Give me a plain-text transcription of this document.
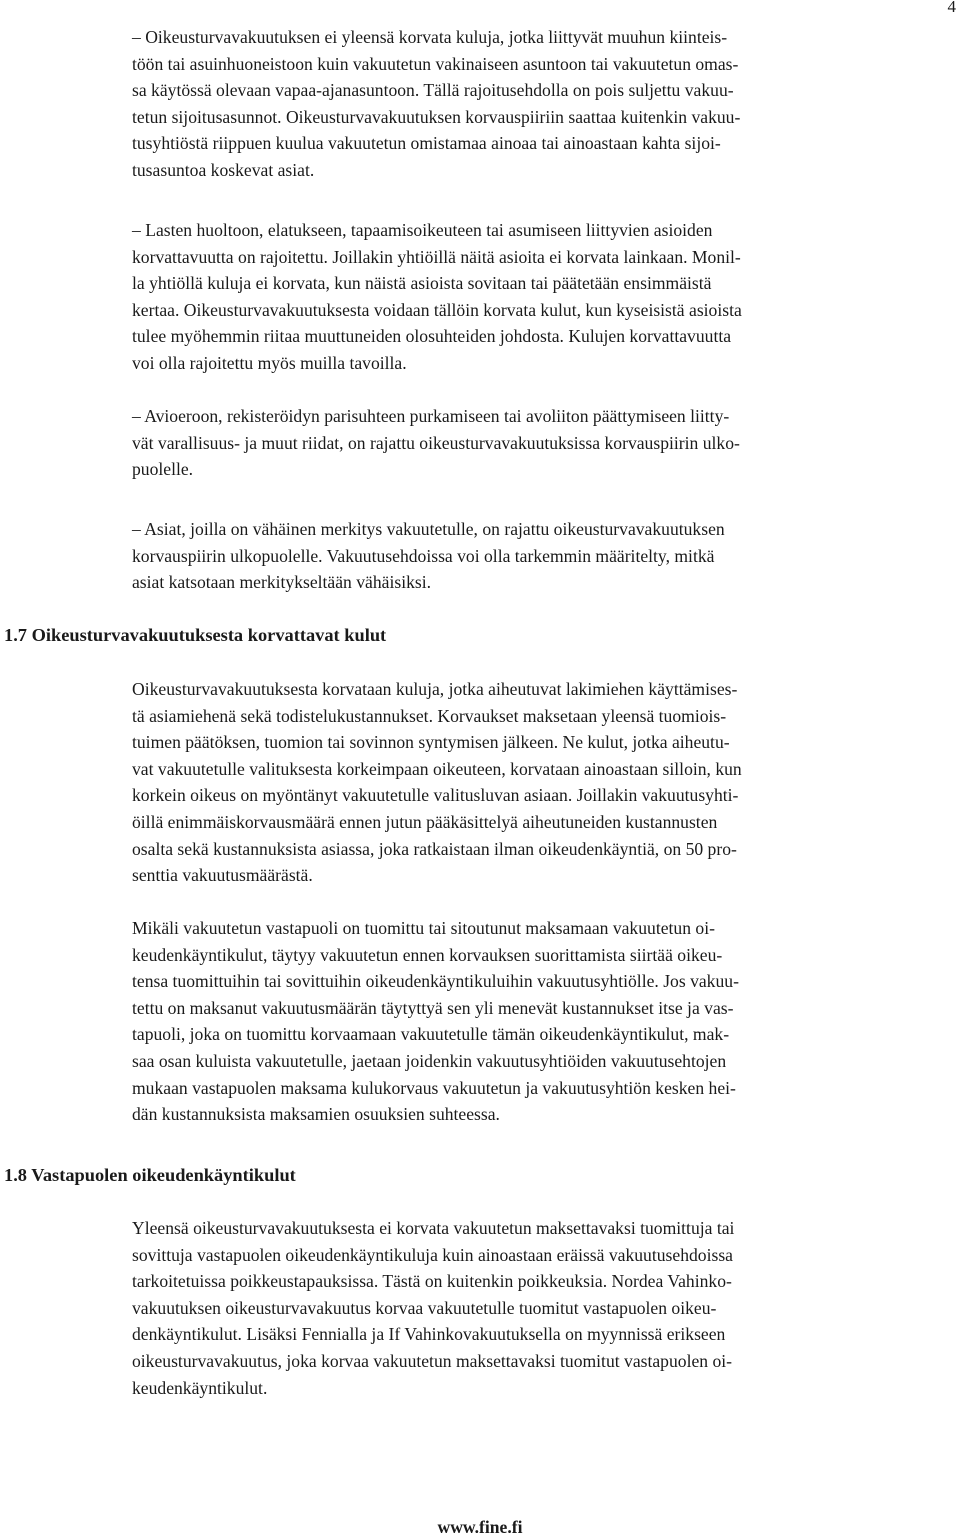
4

– Oikeusturvavakuutuksen ei yleensä korvata kuluja, jotka liittyvät muuhun kiinteis-
töön tai asuinhuoneistoon kuin vakuutetun vakinaiseen asuntoon tai vakuutetun omas-
sa käytössä olevaan vapaa-ajanasuntoon. Tällä rajoitusehdolla on pois suljettu vakuu-
tetun sijoitusasunnot. Oikeusturvavakuutuksen korvauspiiriin saattaa kuitenkin vakuu-
tusyhtiöstä riippuen kuulua vakuutetun omistamaa ainoaa tai ainoastaan kahta sijoi-
tusasuntoa koskevat asiat.

– Lasten huoltoon, elatukseen, tapaamisoikeuteen tai asumiseen liittyvien asioiden
korvattavuutta on rajoitettu. Joillakin yhtiöillä näitä asioita ei korvata lainkaan. Monil-
la yhtiöllä kuluja ei korvata, kun näistä asioista sovitaan tai päätetään ensimmäistä
kertaa. Oikeusturvavakuutuksesta voidaan tällöin korvata kulut, kun kyseisistä asioista
tulee myöhemmin riitaa muuttuneiden olosuhteiden johdosta. Kulujen korvattavuutta
voi olla rajoitettu myös muilla tavoilla.

– Avioeroon, rekisteröidyn parisuhteen purkamiseen tai avoliiton päättymiseen liitty-
vät varallisuus- ja muut riidat, on rajattu oikeusturvavakuutuksissa korvauspiirin ulko-
puolelle.

– Asiat, joilla on vähäinen merkitys vakuutetulle, on rajattu oikeusturvavakuutuksen
korvauspiirin ulkopuolelle. Vakuutusehdoissa voi olla tarkemmin määritelty, mitkä
asiat katsotaan merkitykseltään vähäisiksi.

1.7 Oikeusturvavakuutuksesta korvattavat kulut

Oikeusturvavakuutuksesta korvataan kuluja, jotka aiheutuvat lakimiehen käyttämises-
tä asiamiehenä sekä todistelukustannukset. Korvaukset maksetaan yleensä tuomiois-
tuimen päätöksen, tuomion tai sovinnon syntymisen jälkeen. Ne kulut, jotka aiheutu-
vat vakuutetulle valituksesta korkeimpaan oikeuteen, korvataan ainoastaan silloin, kun
korkein oikeus on myöntänyt vakuutetulle valitusluvan asiaan. Joillakin vakuutusyhti-
öillä enimmäiskorvausmäärä ennen jutun pääkäsittelyä aiheutuneiden kustannusten
osalta sekä kustannuksista asiassa, joka ratkaistaan ilman oikeudenkäyntiä, on 50 pro-
senttia vakuutusmäärästä.

Mikäli vakuutetun vastapuoli on tuomittu tai sitoutunut maksamaan vakuutetun oi-
keudenkäyntikulut, täytyy vakuutetun ennen korvauksen suorittamista siirtää oikeu-
tensa tuomittuihin tai sovittuihin oikeudenkäyntikuluihin vakuutusyhtiölle. Jos vakuu-
tettu on maksanut vakuutusmäärän täytyttyä sen yli menevät kustannukset itse ja vas-
tapuoli, joka on tuomittu korvaamaan vakuutetulle tämän oikeudenkäyntikulut, mak-
saa osan kuluista vakuutetulle, jaetaan joidenkin vakuutusyhtiöiden vakuutusehtojen
mukaan vastapuolen maksama kulukorvaus vakuutetun ja vakuutusyhtiön kesken hei-
dän kustannuksista maksamien osuuksien suhteessa.

1.8 Vastapuolen oikeudenkäyntikulut

Yleensä oikeusturvavakuutuksesta ei korvata vakuutetun maksettavaksi tuomittuja tai
sovittuja vastapuolen oikeudenkäyntikuluja kuin ainoastaan eräissä vakuutusehdoissa
tarkoitetuissa poikkeustapauksissa. Tästä on kuitenkin poikkeuksia. Nordea Vahinko-
vakuutuksen oikeusturvavakuutus korvaa vakuutetulle tuomitut vastapuolen oikeu-
denkäyntikulut. Lisäksi Fennialla ja If Vahinkovakuutuksella on myynnissä erikseen
oikeusturvavakuutus, joka korvaa vakuutetun maksettavaksi tuomitut vastapuolen oi-
keudenkäyntikulut.

www.fine.fi
